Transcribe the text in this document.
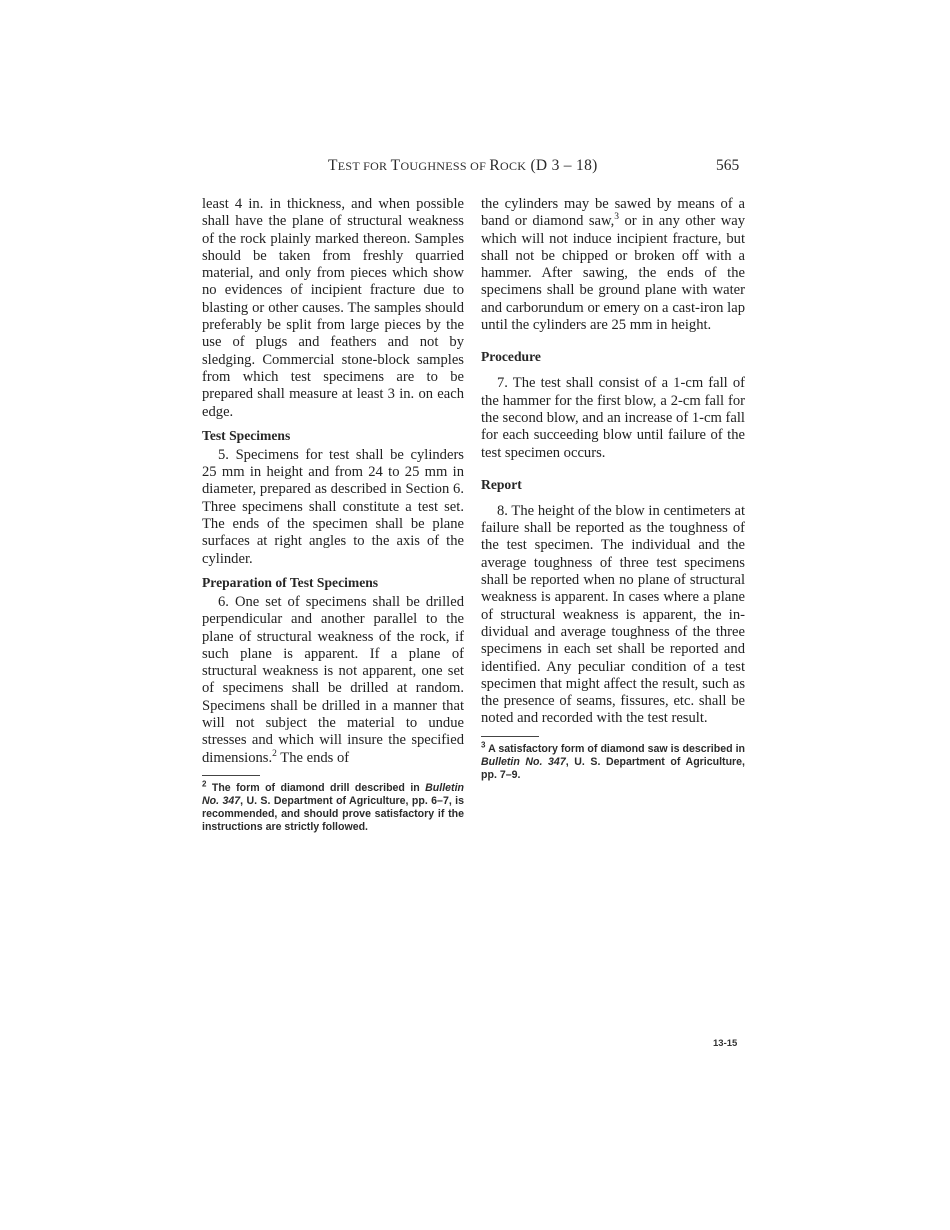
TEST FOR TOUGHNESS OF ROCK (D 3 – 18)	565

least 4 in. in thickness, and when possible shall have the plane of structural weakness of the rock plainly marked thereon. Samples should be taken from freshly quarried material, and only from pieces which show no evidences of incipient fracture due to blasting or other causes. The samples should preferably be split from large pieces by the use of plugs and feathers and not by sledging. Commercial stone-block samples from which test specimens are to be prepared shall measure at least 3 in. on each edge.

Test Specimens

5. Specimens for test shall be cylinders 25 mm in height and from 24 to 25 mm in diameter, prepared as described in Section 6. Three specimens shall constitute a test set. The ends of the specimen shall be plane surfaces at right angles to the axis of the cylinder.

Preparation of Test Specimens

6. One set of specimens shall be drilled perpendicular and another parallel to the plane of structural weakness of the rock, if such plane is apparent. If a plane of structural weakness is not apparent, one set of specimens shall be drilled at random. Specimens shall be drilled in a manner that will not subject the material to undue stresses and which will insure the specified dimensions.$^2$ The ends of

$^2$ The form of diamond drill described in Bulletin No. 347, U. S. Department of Agriculture, pp. 6–7, is recommended, and should prove satisfactory if the instructions are strictly followed.

the cylinders may be sawed by means of a band or diamond saw,$^3$ or in any other way which will not induce incipient fracture, but shall not be chipped or broken off with a hammer. After sawing, the ends of the specimens shall be ground plane with water and carborundum or emery on a cast-iron lap until the cylinders are 25 mm in height.

Procedure

7. The test shall consist of a 1-cm fall of the hammer for the first blow, a 2-cm fall for the second blow, and an increase of 1-cm fall for each succeeding blow until failure of the test specimen occurs.

Report

8. The height of the blow in centimeters at failure shall be reported as the toughness of the test specimen. The individual and the average toughness of three test specimens shall be reported when no plane of structural weakness is apparent. In cases where a plane of structural weakness is apparent, the individual and average toughness of the three specimens in each set shall be reported and identified. Any peculiar condition of a test specimen that might affect the result, such as the presence of seams, fissures, etc. shall be noted and recorded with the test result.

$^3$ A satisfactory form of diamond saw is described in Bulletin No. 347, U. S. Department of Agriculture, pp. 7–9.

13-15
